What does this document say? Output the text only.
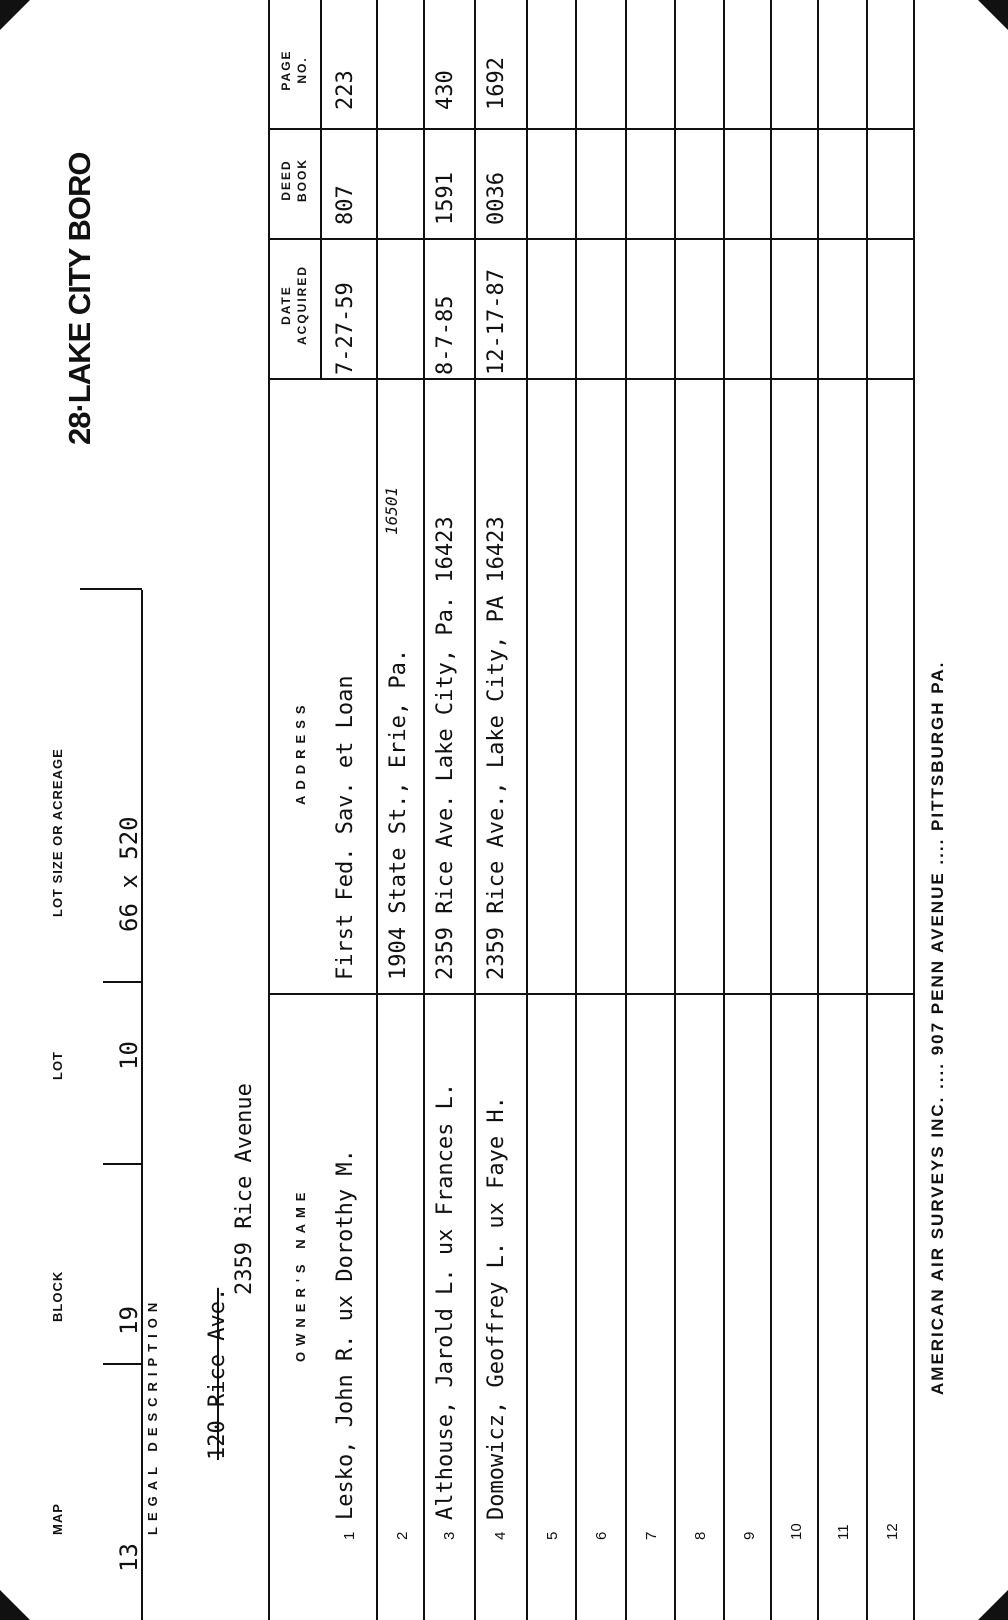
MAP
BLOCK
LOT
LOT SIZE OR ACREAGE
13
19
10
66 x 520
28·LAKE CITY BORO
LEGAL DESCRIPTION 120 Rice Ave.
2359 Rice Avenue	OWNER'S NAME
ADDRESS
DATE ACQUIRED
DEED BOOK
PAGE NO.
1
Lesko, John R. ux Dorothy M.
First Fed. Sav. et Loan
7-27-59
807
223
2
1904 State St., Erie, Pa.
16501
3
Althouse, Jarold L. ux Frances L.
2359 Rice Ave. Lake City, Pa. 16423
8-7-85
1591
430
4
Domowicz, Geoffrey L. ux Faye H.
2359 Rice Ave., Lake City, PA 16423
12-17-87
0036
1692
5 6 7 8 9 10 11 12
AMERICAN AIR SURVEYS INC. .... 907 PENN AVENUE .... PITTSBURGH PA.
